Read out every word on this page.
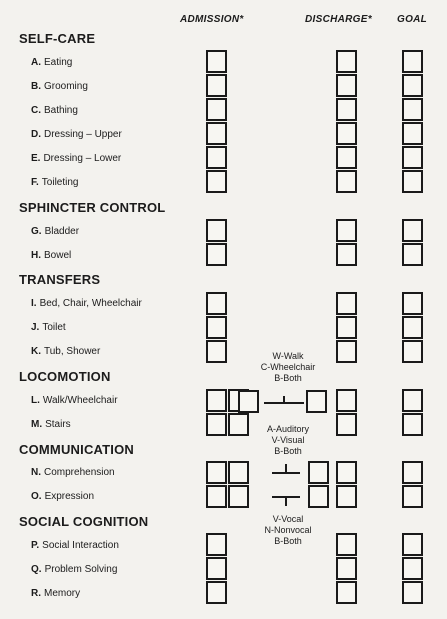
ADMISSION*	DISCHARGE*	GOAL
SELF-CARE
SPHINCTER CONTROL
TRANSFERS
LOCOMOTION
COMMUNICATION
SOCIAL COGNITION
A. Eating
B. Grooming
C. Bathing
D. Dressing – Upper
E. Dressing – Lower
F. Toileting
G. Bladder
H. Bowel
I. Bed, Chair, Wheelchair
J. Toilet
K. Tub, Shower
L. Walk/Wheelchair
M. Stairs
N. Comprehension
O. Expression
P. Social Interaction
Q. Problem Solving
R. Memory
W-Walk
C-Wheelchair
B-Both
A-Auditory
V-Visual
B-Both
V-Vocal
N-Nonvocal
B-Both
